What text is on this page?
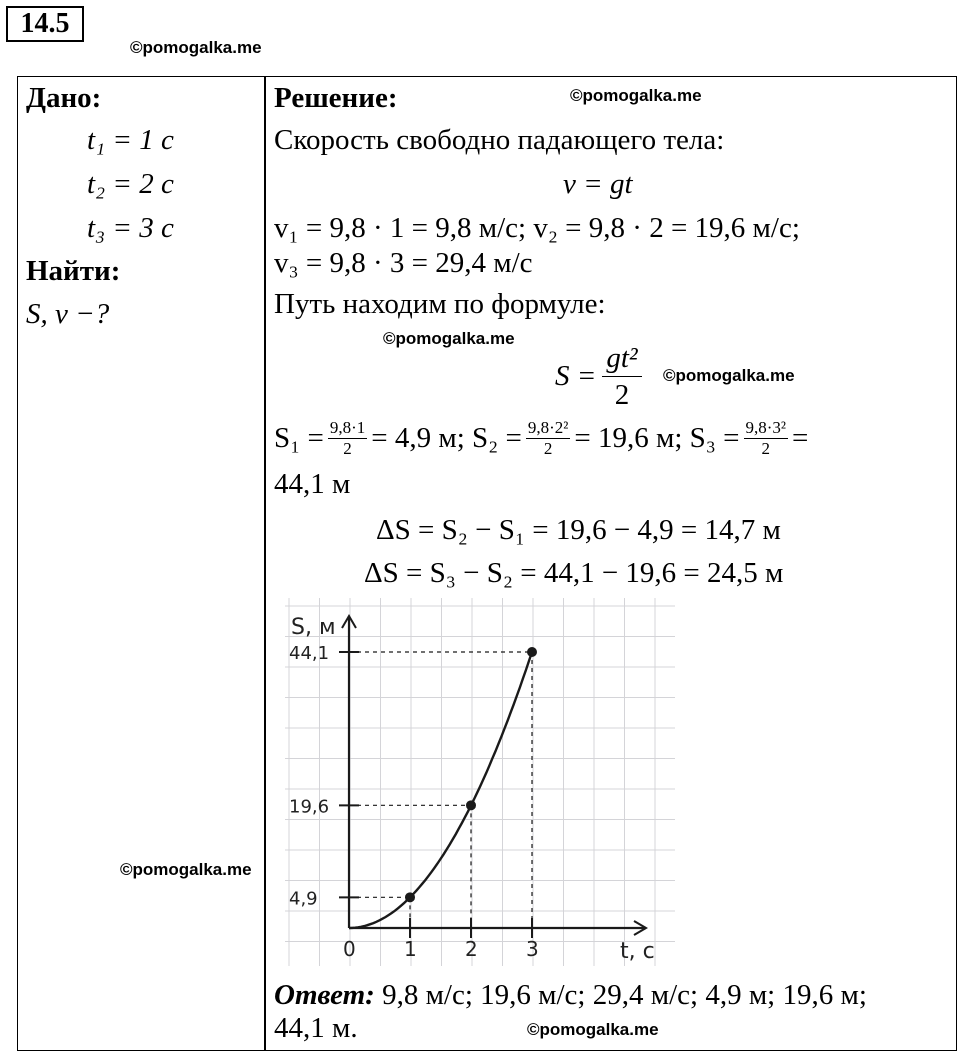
14.5
©pomogalka.me
©pomogalka.me
©pomogalka.me
©pomogalka.me
©pomogalka.me
©pomogalka.me
Дано:
t₁ = 1 с
t₂ = 2 с
t₃ = 3 с
Найти:
S, v −?
Решение:
Скорость свободно падающего тела:
v = gt
v₁ = 9,8 · 1 = 9,8 м/с; v₂ = 9,8 · 2 = 19,6 м/с;
v₃ = 9,8 · 3 = 29,4 м/с
Путь находим по формуле:
$S = \frac{\text{gt²}}{2}$
$S_1 = \frac{9,8\cdot 1}{2} = 4,9$ м; $S_2 = \frac{\text{9,8·2²}}{2} = 19,6$ м; $S_3 = \frac{\text{9,8·3²}}{2}$ =
44,1 м
ΔS = S₂ − S₁ = 19,6 − 4,9 = 14,7 м
ΔS = S₃ − S₂ = 44,1 − 19,6 = 24,5 м
S, м
t, c
0 1 2 3
4,9
19,6
44,1
Ответ: 9,8 м/с; 19,6 м/с; 29,4 м/с; 4,9 м; 19,6 м;
44,1 м.
